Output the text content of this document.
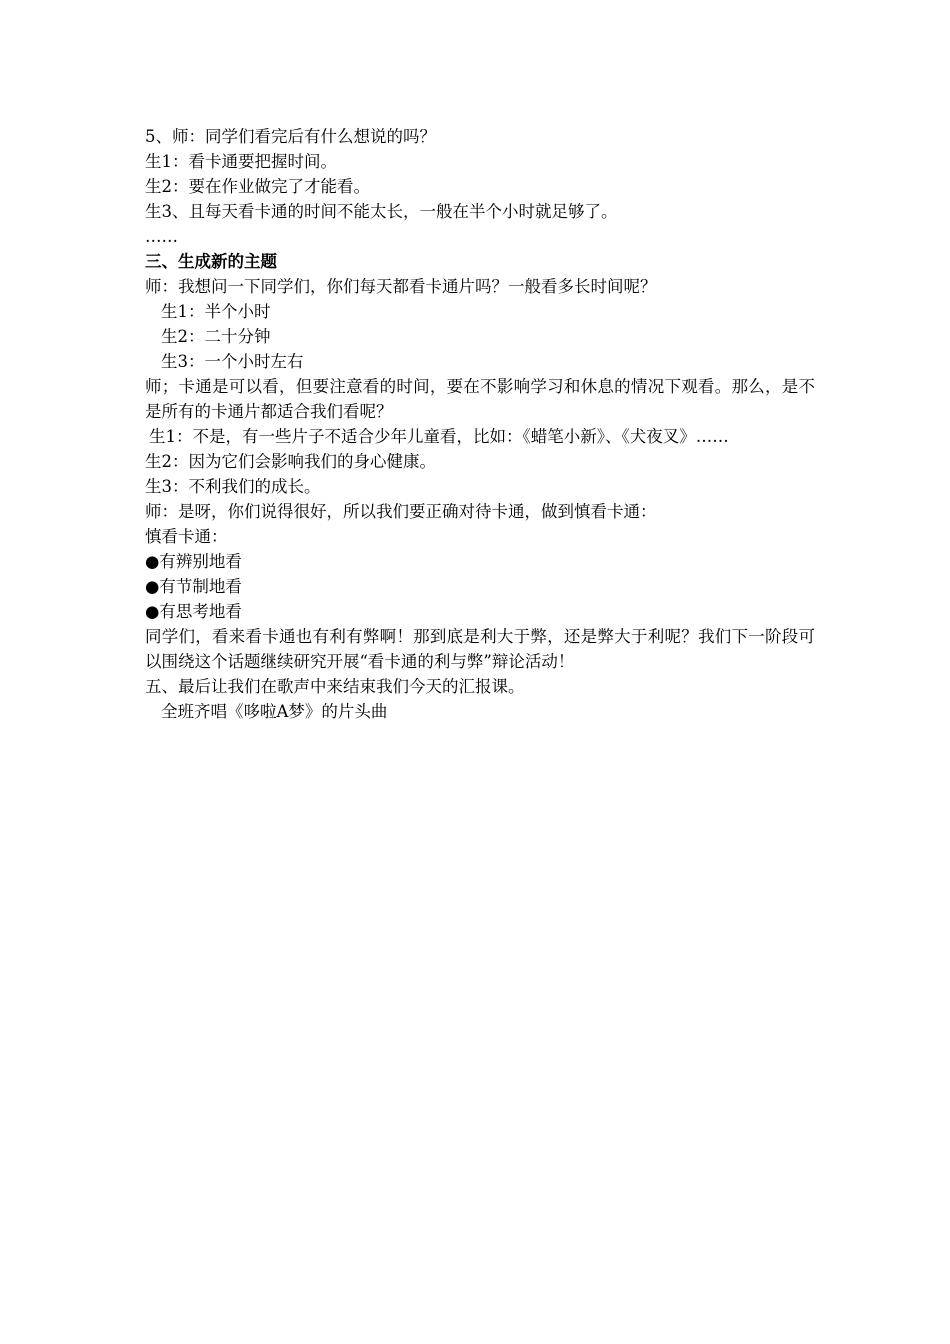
5、师：同学们看完后有什么想说的吗？

生1：看卡通要把握时间。

生2：要在作业做完了才能看。

生3、且每天看卡通的时间不能太长，一般在半个小时就足够了。

……

三、生成新的主题

师：我想问一下同学们，你们每天都看卡通片吗？一般看多长时间呢？

生1：半个小时

生2：二十分钟

生3：一个小时左右

师；卡通是可以看，但要注意看的时间，要在不影响学习和休息的情况下观看。那么，是不是所有的卡通片都适合我们看呢？

生1：不是，有一些片子不适合少年儿童看，比如：《蜡笔小新》、《犬夜叉》……

生2：因为它们会影响我们的身心健康。

生3：不利我们的成长。

师：是呀，你们说得很好，所以我们要正确对待卡通，做到慎看卡通：

慎看卡通：

●有辨别地看

●有节制地看

●有思考地看

同学们，看来看卡通也有利有弊啊！那到底是利大于弊，还是弊大于利呢？我们下一阶段可以围绕这个话题继续研究开展“看卡通的利与弊”辩论活动！

五、最后让我们在歌声中来结束我们今天的汇报课。

全班齐唱《哆啦A梦》的片头曲
